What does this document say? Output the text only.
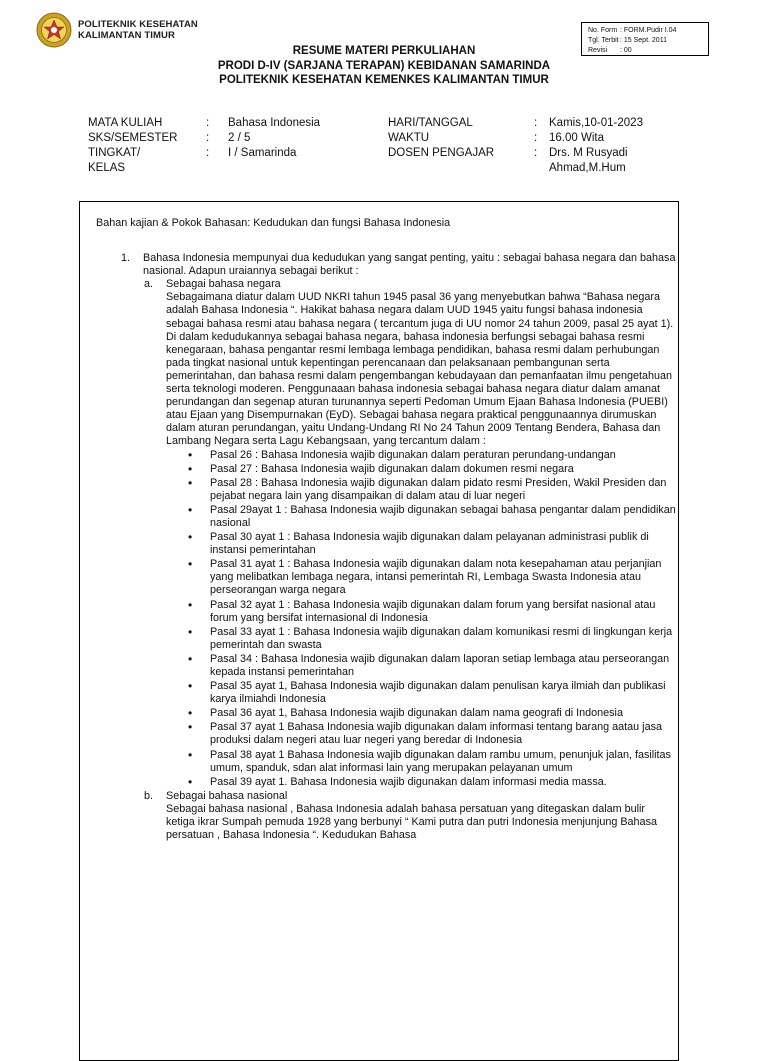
POLITEKNIK KESEHATAN
KALIMANTAN TIMUR	No. Form : FORM.Pudir I.04
Tgl. Terbit : 15 Sept. 2011
Revisi	: 00
RESUME MATERI PERKULIAHAN
PRODI D-IV (SARJANA TERAPAN) KEBIDANAN SAMARINDA
POLITEKNIK KESEHATAN KEMENKES KALIMANTAN TIMUR
MATA KULIAH	:	Bahasa Indonesia
SKS/SEMESTER	:	2 / 5
TINGKAT/	:	I / Samarinda
KELAS
HARI/TANGGAL	:	Kamis,10-01-2023
WAKTU	:	16.00 Wita
DOSEN PENGAJAR	:	Drs. M Rusyadi
Ahmad,M.Hum
Bahan kajian & Pokok Bahasan: Kedudukan dan fungsi Bahasa Indonesia
1. Bahasa Indonesia mempunyai dua kedudukan yang sangat penting, yaitu : sebagai bahasa negara dan bahasa nasional. Adapun uraiannya sebagai berikut :
a. Sebagai bahasa negara
Sebagaimana diatur dalam UUD NKRI tahun 1945 pasal 36 yang menyebutkan bahwa “Bahasa negara adalah Bahasa Indonesia “. Hakikat bahasa negara dalam UUD 1945 yaitu fungsi bahasa indonesia sebagai bahasa resmi atau bahasa negara ( tercantum juga di UU nomor 24 tahun 2009, pasal 25 ayat 1). Di dalam kedudukannya sebagai bahasa negara, bahasa indonesia berfungsi sebagai bahasa resmi kenegaraan, bahasa pengantar resmi lembaga lembaga pendidikan, bahasa resmi dalam perhubungan pada tingkat nasional untuk kepentingan perencanaan dan pelaksanaan pembangunan serta pemerintahan, dan bahasa resmi dalam pengembangan kebudayaan dan pemanfaatan ilmu pengetahuan serta teknologi moderen. Penggunaaan bahasa indonesia sebagai bahasa negara diatur dalam amanat perundangan dan segenap aturan turunannya seperti Pedoman Umum Ejaan Bahasa Indonesia (PUEBI) atau Ejaan yang Disempurnakan (EyD). Sebagai bahasa negara praktical penggunaannya dirumuskan dalam aturan perundangan, yaitu Undang-Undang RI No 24 Tahun 2009 Tentang Bendera, Bahasa dan Lambang Negara serta Lagu Kebangsaan, yang tercantum dalam :
• Pasal 26 : Bahasa Indonesia wajib digunakan dalam peraturan perundang-undangan
• Pasal 27 : Bahasa Indonesia wajib digunakan dalam dokumen resmi negara
• Pasal 28 : Bahasa Indonesia wajib digunakan dalam pidato resmi Presiden, Wakil Presiden dan pejabat negara lain yang disampaikan di dalam atau di luar negeri
• Pasal 29ayat 1 : Bahasa Indonesia wajib digunakan sebagai bahasa pengantar dalam pendidikan nasional
• Pasal 30 ayat 1 : Bahasa Indonesia wajib digunakan dalam pelayanan administrasi publik di instansi pemerintahan
• Pasal 31 ayat 1 : Bahasa Indonesia wajib digunakan dalam nota kesepahaman atau perjanjian yang melibatkan lembaga negara, intansi pemerintah RI, Lembaga Swasta Indonesia atau perseorangan warga negara
• Pasal 32 ayat 1 : Bahasa Indonesia wajib digunakan dalam forum yang bersifat nasional atau forum yang bersifat internasional di Indonesia
• Pasal 33 ayat 1 : Bahasa Indonesia wajib digunakan dalam komunikasi resmi di lingkungan kerja pemerintah dan swasta
• Pasal 34 : Bahasa Indonesia wajib digunakan dalam laporan setiap lembaga atau perseorangan kepada instansi pemerintahan
• Pasal 35 ayat 1, Bahasa Indonesia wajib digunakan dalam penulisan karya ilmiah dan publikasi karya ilmiahdi Indonesia
• Pasal 36 ayat 1, Bahasa Indonesia wajib digunakan dalam nama geografi di Indonesia
• Pasal 37 ayat 1 Bahasa Indonesia wajib digunakan dalam informasi tentang barang aatau jasa produksi dalam negeri atau luar negeri yang beredar di Indonesia
• Pasal 38 ayat 1 Bahasa Indonesia wajib digunakan dalam rambu umum, penunjuk jalan, fasilitas umum, spanduk, sdan alat informasi lain yang merupakan pelayanan umum
• Pasal 39 ayat 1. Bahasa Indonesia wajib digunakan dalam informasi media massa.
b. Sebagai bahasa nasional
Sebagai bahasa nasional , Bahasa Indonesia adalah bahasa persatuan yang ditegaskan dalam bulir ketiga ikrar Sumpah pemuda 1928 yang berbunyi “ Kami putra dan putri Indonesia menjunjung Bahasa persatuan , Bahasa Indonesia “. Kedudukan Bahasa
